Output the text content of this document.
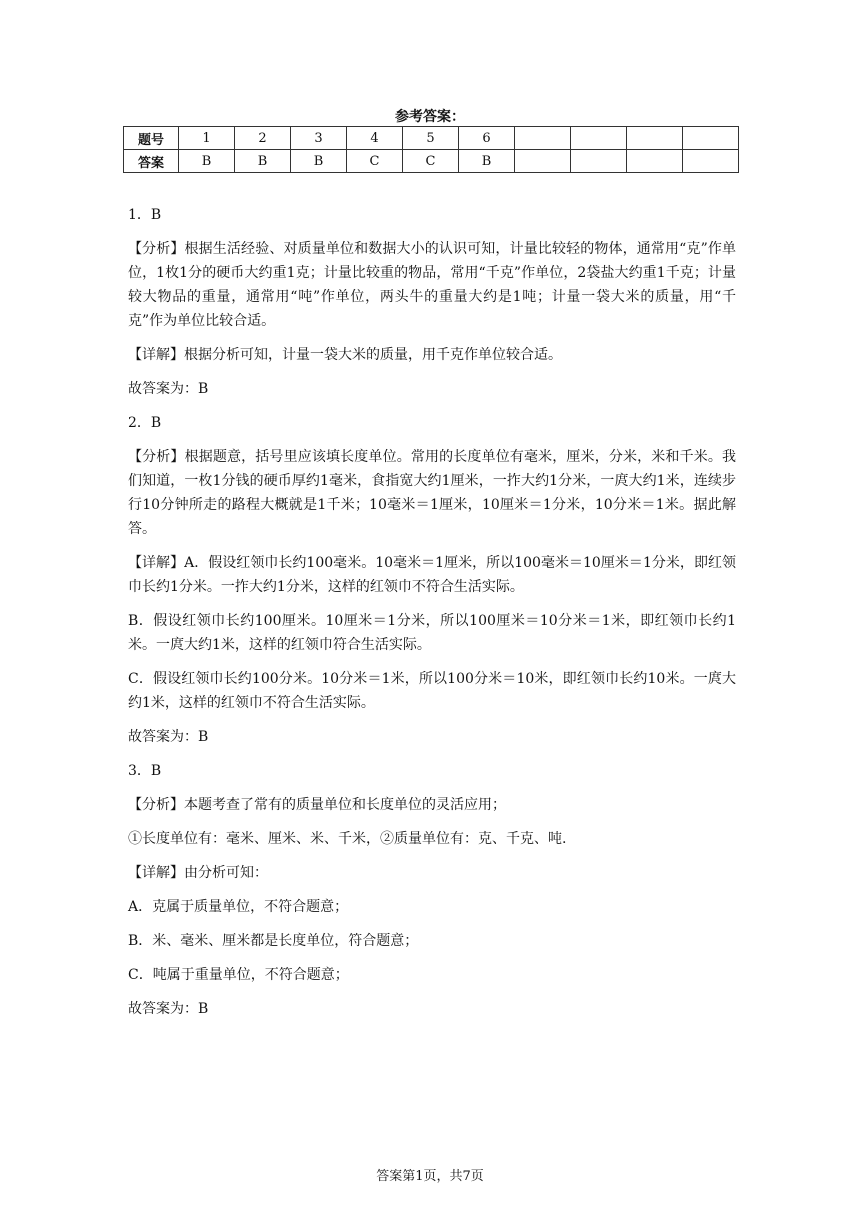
参考答案：
题号	1	2	3	4	5	6				
答案	B	B	B	C	C	B				

1．B

【分析】根据生活经验、对质量单位和数据大小的认识可知，计量比较轻的物体，通常用“克”作单位，1枚1分的硬币大约重1克；计量比较重的物品，常用“千克”作单位，2袋盐大约重1千克；计量较大物品的重量，通常用“吨”作单位，两头牛的重量大约是1吨；计量一袋大米的质量，用“千克”作为单位比较合适。

【详解】根据分析可知，计量一袋大米的质量，用千克作单位较合适。

故答案为：B

2．B

【分析】根据题意，括号里应该填长度单位。常用的长度单位有毫米，厘米，分米，米和千米。我们知道，一枚1分钱的硬币厚约1毫米，食指宽大约1厘米，一拃大约1分米，一庹大约1米，连续步行10分钟所走的路程大概就是1千米；10毫米＝1厘米，10厘米＝1分米，10分米＝1米。据此解答。

【详解】A．假设红领巾长约100毫米。10毫米＝1厘米，所以100毫米＝10厘米＝1分米，即红领巾长约1分米。一拃大约1分米，这样的红领巾不符合生活实际。

B．假设红领巾长约100厘米。10厘米＝1分米，所以100厘米＝10分米＝1米，即红领巾长约1米。一庹大约1米，这样的红领巾符合生活实际。

C．假设红领巾长约100分米。10分米＝1米，所以100分米＝10米，即红领巾长约10米。一庹大约1米，这样的红领巾不符合生活实际。

故答案为：B

3．B

【分析】本题考查了常有的质量单位和长度单位的灵活应用；

①长度单位有：毫米、厘米、米、千米，②质量单位有：克、千克、吨.

【详解】由分析可知：

A．克属于质量单位，不符合题意；

B．米、毫米、厘米都是长度单位，符合题意；

C．吨属于重量单位，不符合题意；

故答案为：B

答案第1页，共7页
